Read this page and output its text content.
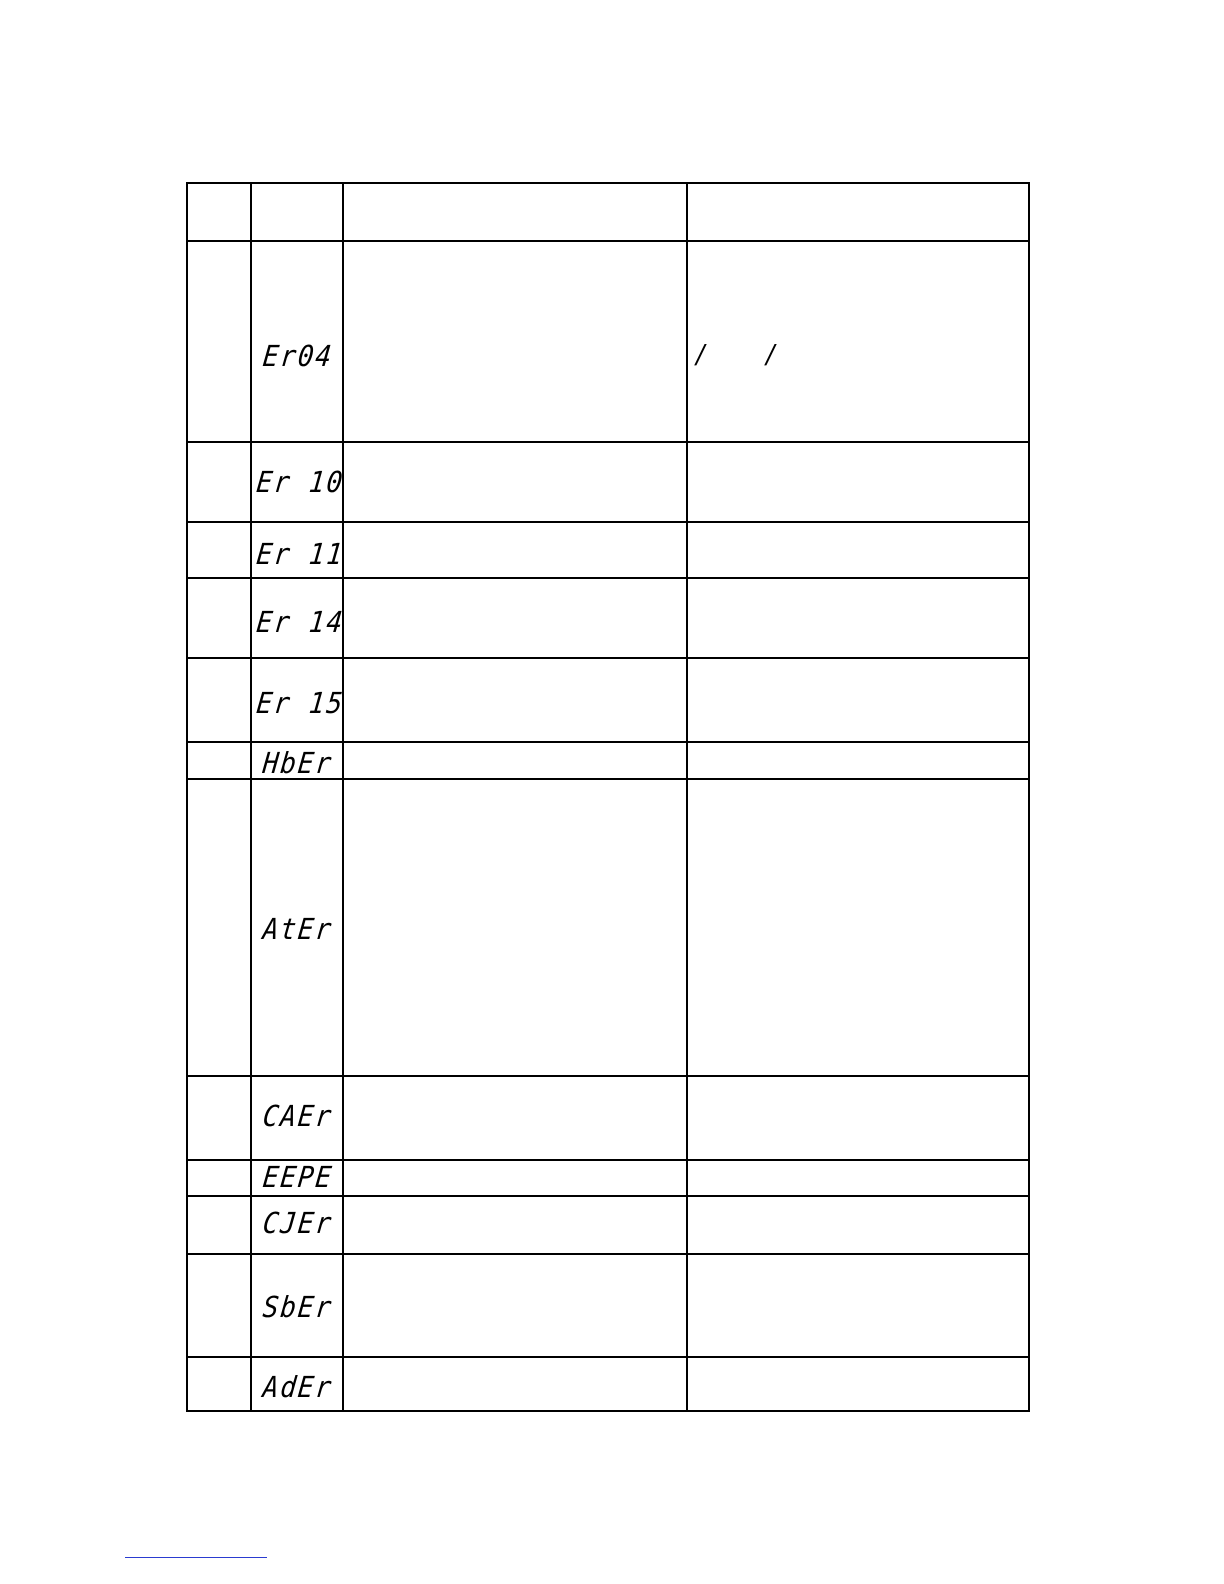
Er04
Er 10
Er 11
Er 14
Er 15
HbEr
AtEr
CAEr
EEPE
CJEr
SbEr
AdEr
/ /
